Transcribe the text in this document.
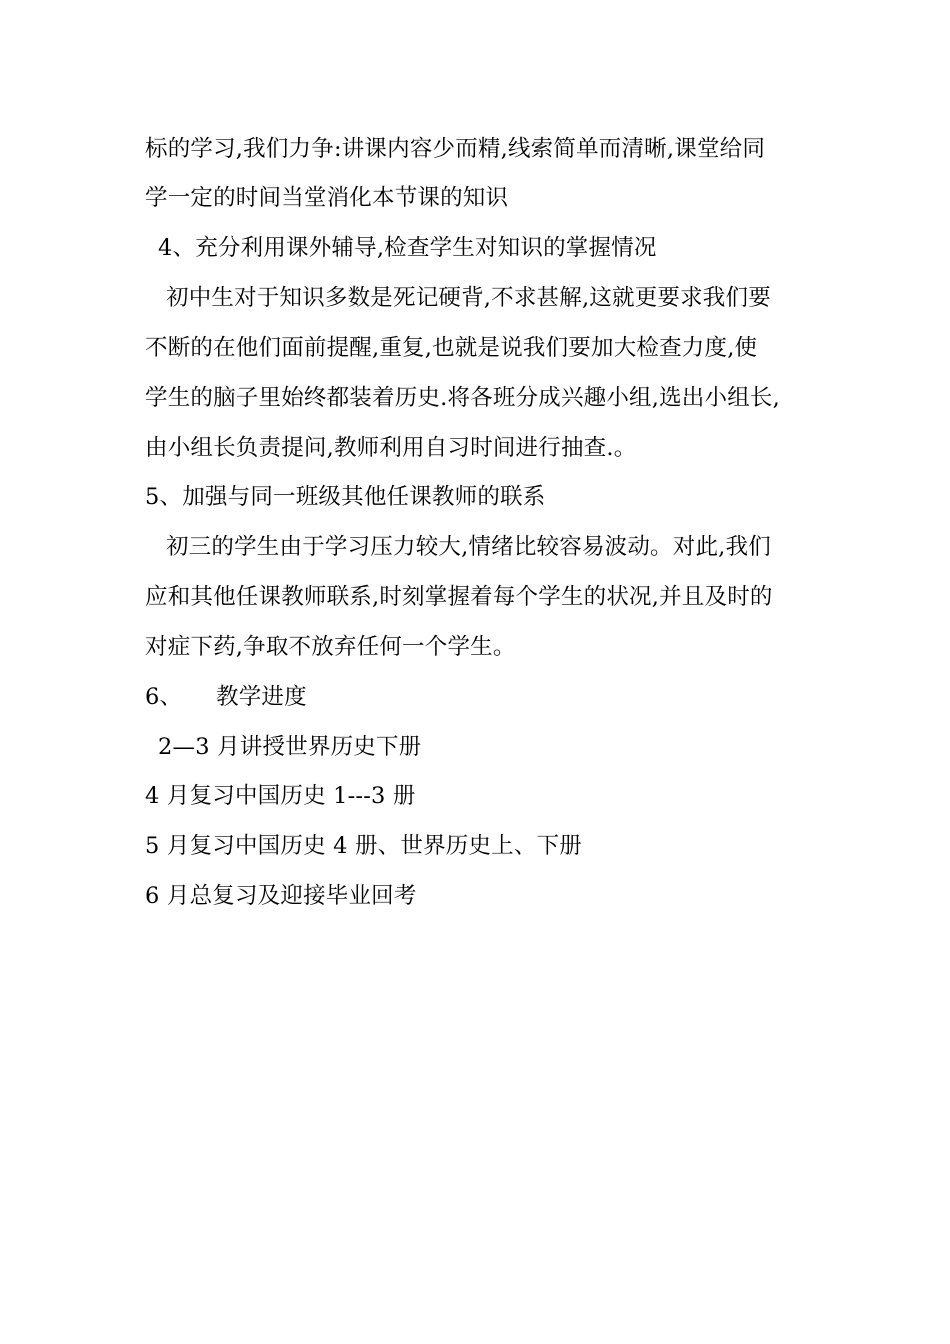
标的学习,我们力争:讲课内容少而精,线索简单而清晰,课堂给同
学一定的时间当堂消化本节课的知识
4、充分利用课外辅导,检查学生对知识的掌握情况
初中生对于知识多数是死记硬背,不求甚解,这就更要求我们要
不断的在他们面前提醒,重复,也就是说我们要加大检查力度,使
学生的脑子里始终都装着历史.将各班分成兴趣小组,选出小组长,
由小组长负责提问,教师利用自习时间进行抽查.。
5、加强与同一班级其他任课教师的联系
初三的学生由于学习压力较大,情绪比较容易波动。对此,我们
应和其他任课教师联系,时刻掌握着每个学生的状况,并且及时的
对症下药,争取不放弃任何一个学生。
6、 教学进度
2—3 月讲授世界历史下册
4 月复习中国历史 1---3 册
5 月复习中国历史 4 册、世界历史上、下册
6 月总复习及迎接毕业回考
